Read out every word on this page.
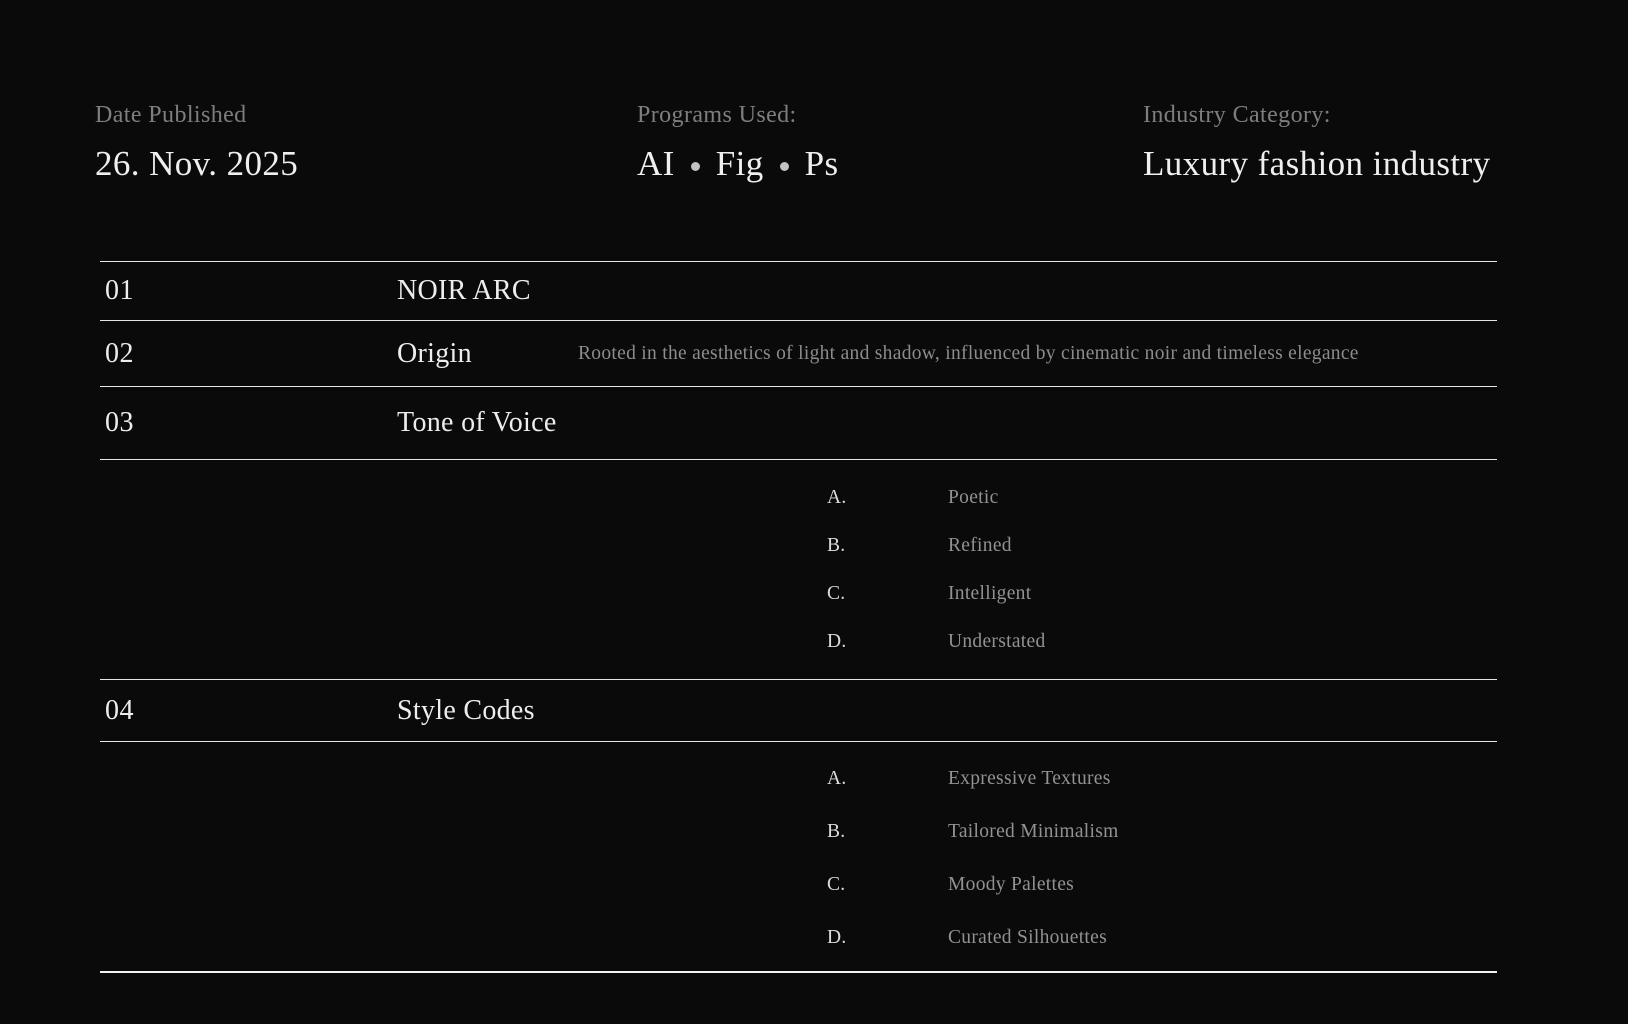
Date Published
26. Nov. 2025
Programs Used:
AI Fig Ps
Industry Category:
Luxury fashion industry
01	NOIR ARC
02	Origin	Rooted in the aesthetics of light and shadow, influenced by cinematic noir and timeless elegance
03	Tone of Voice
A.	Poetic
B.	Refined
C.	Intelligent
D.	Understated
04	Style Codes
A.	Expressive Textures
B.	Tailored Minimalism
C.	Moody Palettes
D.	Curated Silhouettes
